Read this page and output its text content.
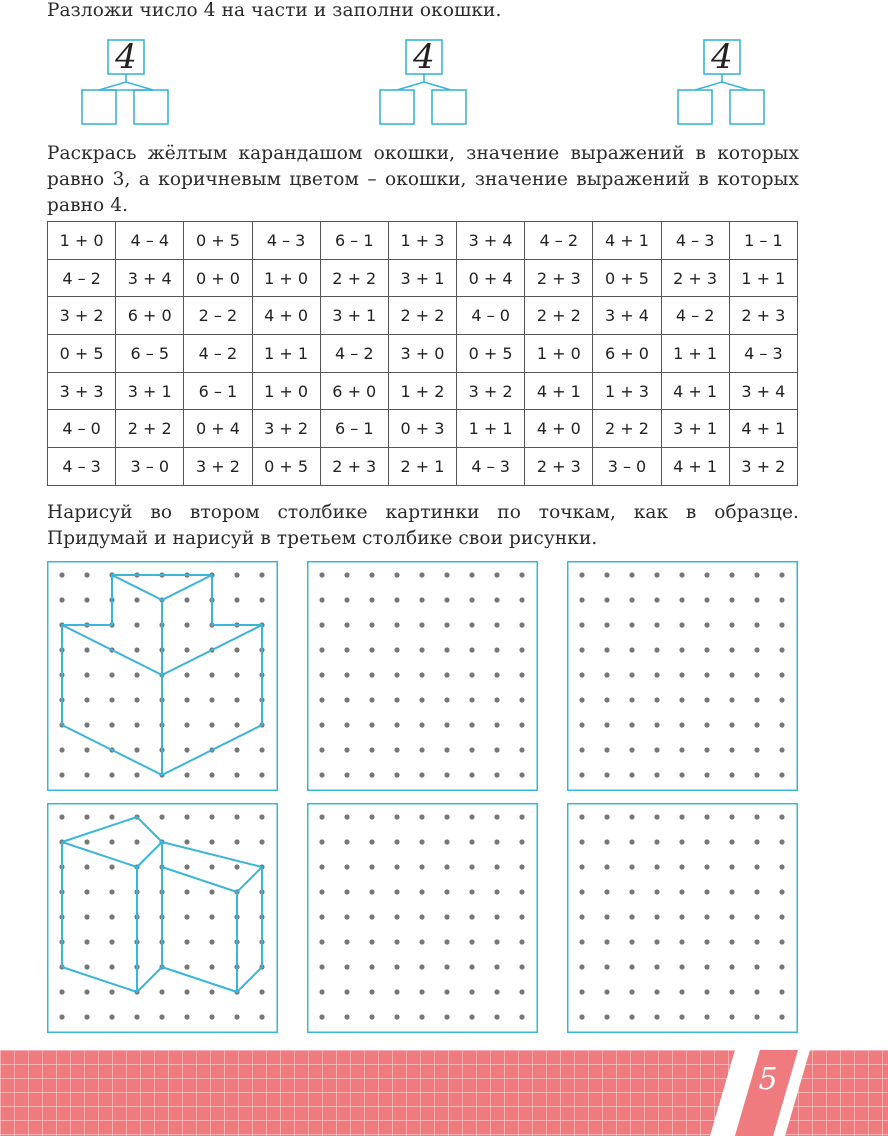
Разложи число 4 на части и заполни окошки.
4	4	4
Раскрась жёлтым карандашом окошки, значение выражений в которых равно 3, а коричневым цветом – окошки, значение выражений в которых равно 4.
1 + 0	4 – 4	0 + 5	4 – 3	6 – 1	1 + 3	3 + 4	4 – 2	4 + 1	4 – 3	1 – 1
4 – 2	3 + 4	0 + 0	1 + 0	2 + 2	3 + 1	0 + 4	2 + 3	0 + 5	2 + 3	1 + 1
3 + 2	6 + 0	2 – 2	4 + 0	3 + 1	2 + 2	4 – 0	2 + 2	3 + 4	4 – 2	2 + 3
0 + 5	6 – 5	4 – 2	1 + 1	4 – 2	3 + 0	0 + 5	1 + 0	6 + 0	1 + 1	4 – 3
3 + 3	3 + 1	6 – 1	1 + 0	6 + 0	1 + 2	3 + 2	4 + 1	1 + 3	4 + 1	3 + 4
4 – 0	2 + 2	0 + 4	3 + 2	6 – 1	0 + 3	1 + 1	4 + 0	2 + 2	3 + 1	4 + 1
4 – 3	3 – 0	3 + 2	0 + 5	2 + 3	2 + 1	4 – 3	2 + 3	3 – 0	4 + 1	3 + 2
Нарисуй во втором столбике картинки по точкам, как в образце. Придумай и нарисуй в третьем столбике свои рисунки.
5
